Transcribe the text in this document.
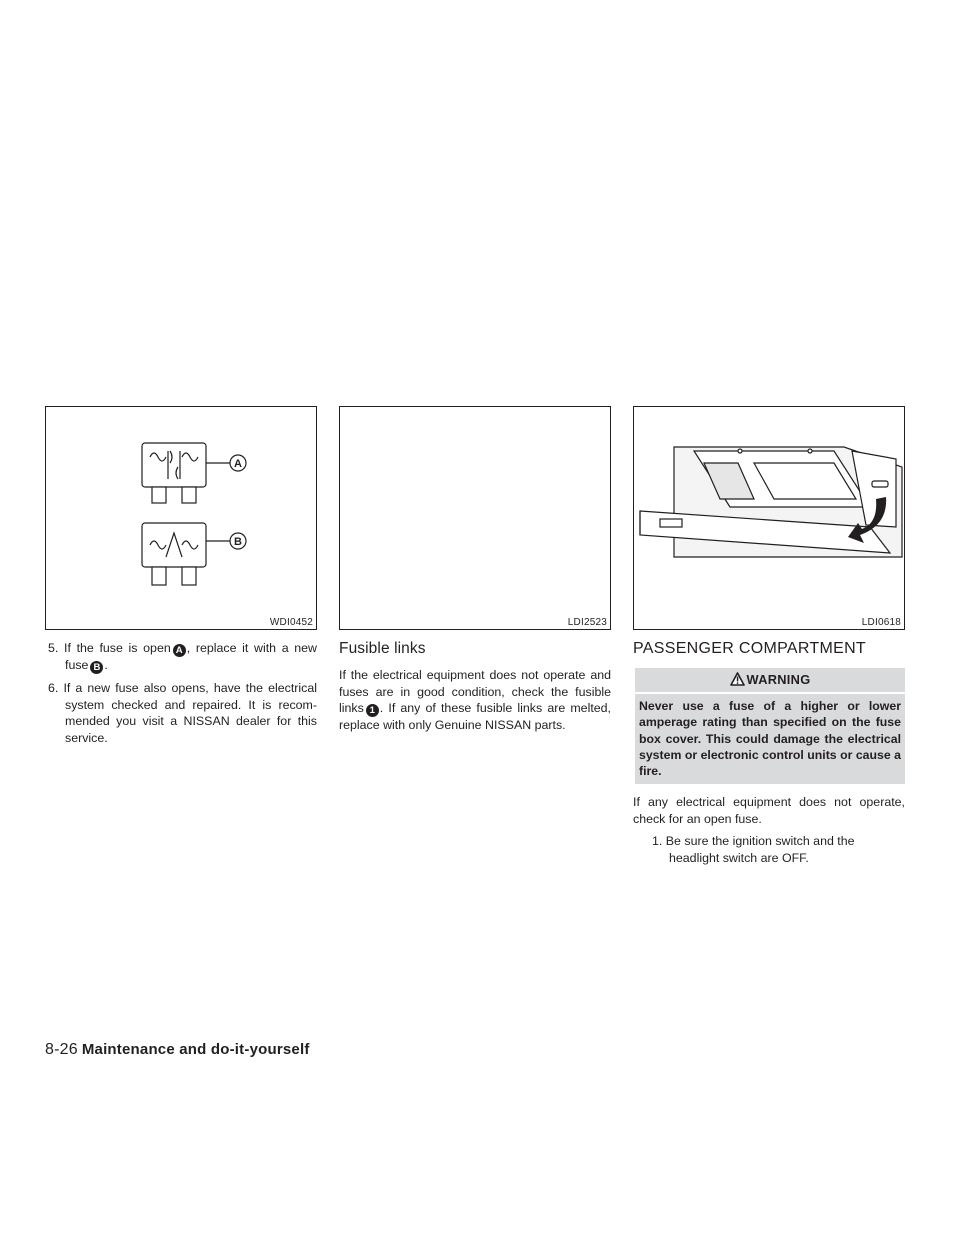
A
B
WDI0452

5. If the fuse is open A , replace it with a new fuse B .

6. If a new fuse also opens, have the electrical system checked and repaired. It is recom- mended you visit a NISSAN dealer for this service.

LDI2523
Fusible links

If the electrical equipment does not operate and fuses are in good condition, check the fusible links 1 . If any of these fusible links are melted, replace with only Genuine NISSAN parts.

LDI0618
PASSENGER COMPARTMENT
WARNING
Never use a fuse of a higher or lower amperage rating than specified on the fuse box cover. This could damage the electrical system or electronic control units or cause a fire.

If any electrical equipment does not operate, check for an open fuse.

1. Be sure the ignition switch and the headlight switch are OFF.

8-26 Maintenance and do-it-yourself
